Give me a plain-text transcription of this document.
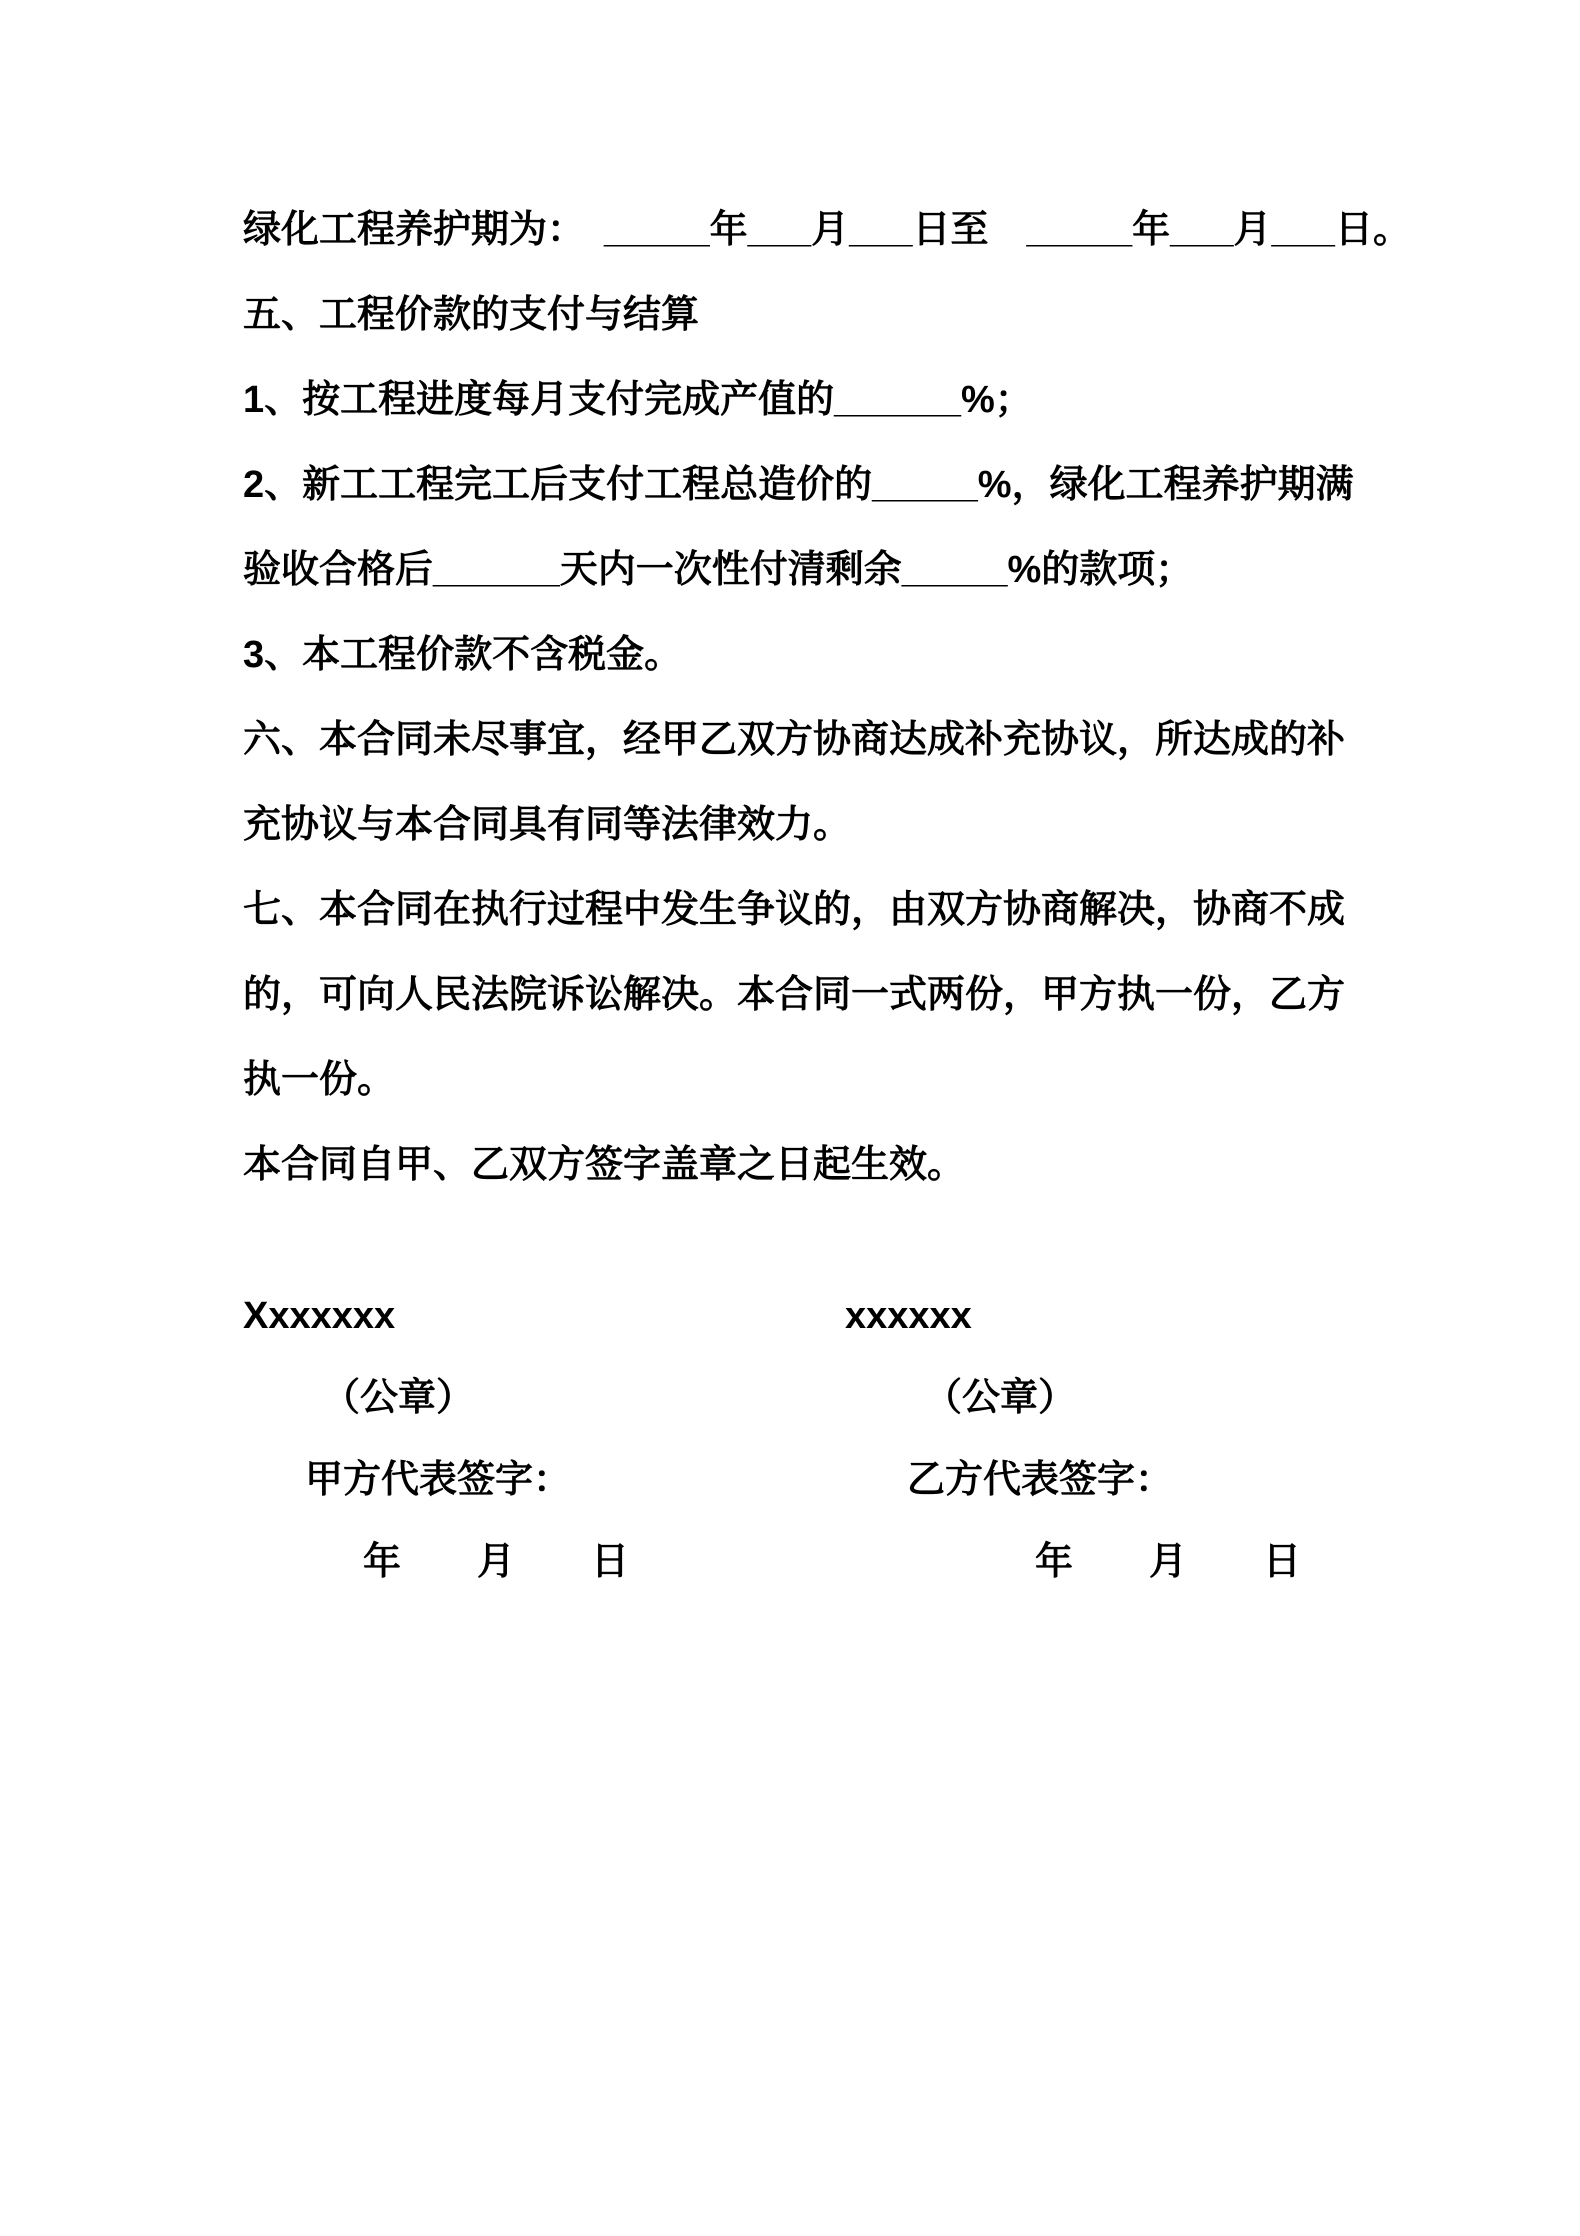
绿化工程养护期为：　_____年___月___日至　_____年___月___日。

五、工程价款的支付与结算

1、按工程进度每月支付完成产值的______%；

2、新工工程完工后支付工程总造价的_____%，绿化工程养护期满

验收合格后______天内一次性付清剩余_____%的款项；

3、本工程价款不含税金。

六、本合同未尽事宜，经甲乙双方协商达成补充协议，所达成的补

充协议与本合同具有同等法律效力。

七、本合同在执行过程中发生争议的，由双方协商解决，协商不成

的，可向人民法院诉讼解决。本合同一式两份，甲方执一份，乙方

执一份。

本合同自甲、乙双方签字盖章之日起生效。

Xxxxxxx
（公章）
甲方代表签字：
年　　月　　日
xxxxxx
（公章）
乙方代表签字：
年　　月　　日
